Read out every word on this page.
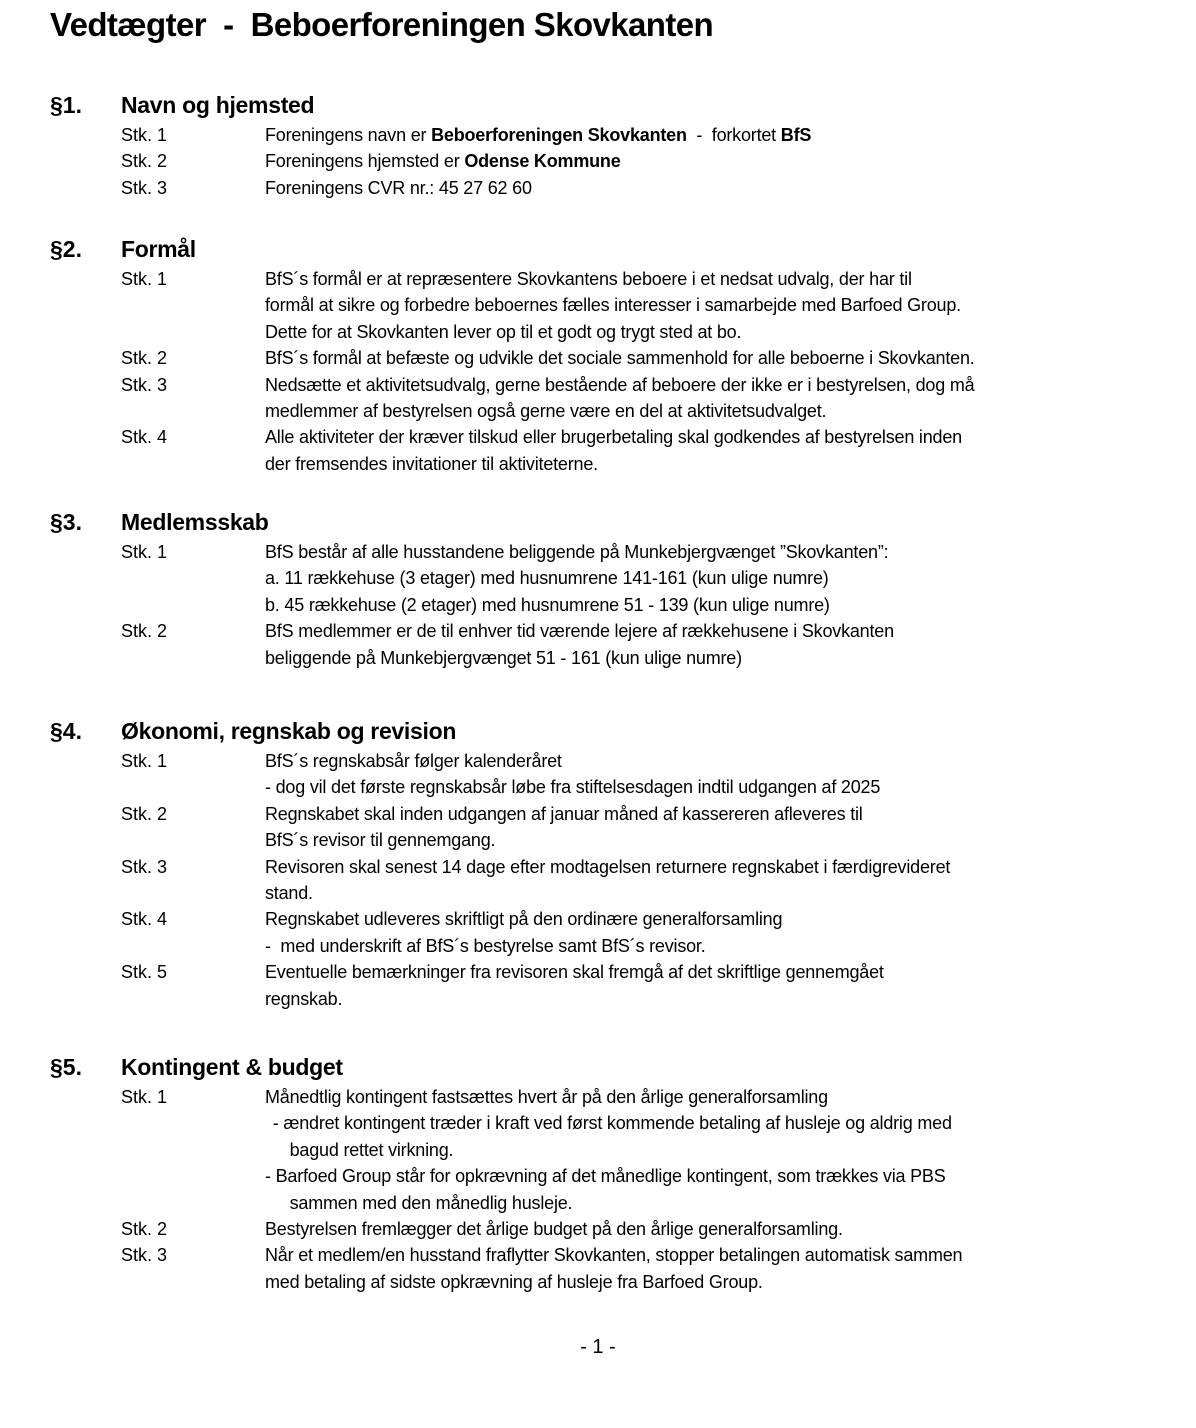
Vedtægter  -  Beboerforeningen Skovkanten
§1. Navn og hjemsted
Stk. 1	Foreningens navn er Beboerforeningen Skovkanten  -  forkortet BfS
Stk. 2	Foreningens hjemsted er Odense Kommune
Stk. 3	Foreningens CVR nr.: 45 27 62 60
§2. Formål
Stk. 1	BfS´s formål er at repræsentere Skovkantens beboere i et nedsat udvalg, der har til
formål at sikre og forbedre beboernes fælles interesser i samarbejde med Barfoed Group.
Dette for at Skovkanten lever op til et godt og trygt sted at bo.
Stk. 2	BfS´s formål at befæste og udvikle det sociale sammenhold for alle beboerne i Skovkanten.
Stk. 3	Nedsætte et aktivitetsudvalg, gerne bestående af beboere der ikke er i bestyrelsen, dog må
medlemmer af bestyrelsen også gerne være en del at aktivitetsudvalget.
Stk. 4	Alle aktiviteter der kræver tilskud eller brugerbetaling skal godkendes af bestyrelsen inden
der fremsendes invitationer til aktiviteterne.
§3. Medlemsskab
Stk. 1	BfS består af alle husstandene beliggende på Munkebjergvænget ”Skovkanten”:
a. 11 rækkehuse (3 etager) med husnumrene 141-161 (kun ulige numre)
b. 45 rækkehuse (2 etager) med husnumrene 51 - 139 (kun ulige numre)
Stk. 2	BfS medlemmer er de til enhver tid værende lejere af rækkehusene i Skovkanten
beliggende på Munkebjergvænget 51 - 161 (kun ulige numre)
§4. Økonomi, regnskab og revision
Stk. 1	BfS´s regnskabsår følger kalenderåret
- dog vil det første regnskabsår løbe fra stiftelsesdagen indtil udgangen af 2025
Stk. 2	Regnskabet skal inden udgangen af januar måned af kassereren afleveres til
BfS´s revisor til gennemgang.
Stk. 3	Revisoren skal senest 14 dage efter modtagelsen returnere regnskabet i færdigrevideret
stand.
Stk. 4	Regnskabet udleveres skriftligt på den ordinære generalforsamling
-  med underskrift af BfS´s bestyrelse samt BfS´s revisor.
Stk. 5	Eventuelle bemærkninger fra revisoren skal fremgå af det skriftlige gennemgået
regnskab.
§5. Kontingent & budget
Stk. 1	Månedtlig kontingent fastsættes hvert år på den årlige generalforsamling
- ændret kontingent træder i kraft ved først kommende betaling af husleje og aldrig med
bagud rettet virkning.
- Barfoed Group står for opkrævning af det månedlige kontingent, som trækkes via PBS
sammen med den månedlig husleje.
Stk. 2	Bestyrelsen fremlægger det årlige budget på den årlige generalforsamling.
Stk. 3	Når et medlem/en husstand fraflytter Skovkanten, stopper betalingen automatisk sammen
med betaling af sidste opkrævning af husleje fra Barfoed Group.
- 1 -
